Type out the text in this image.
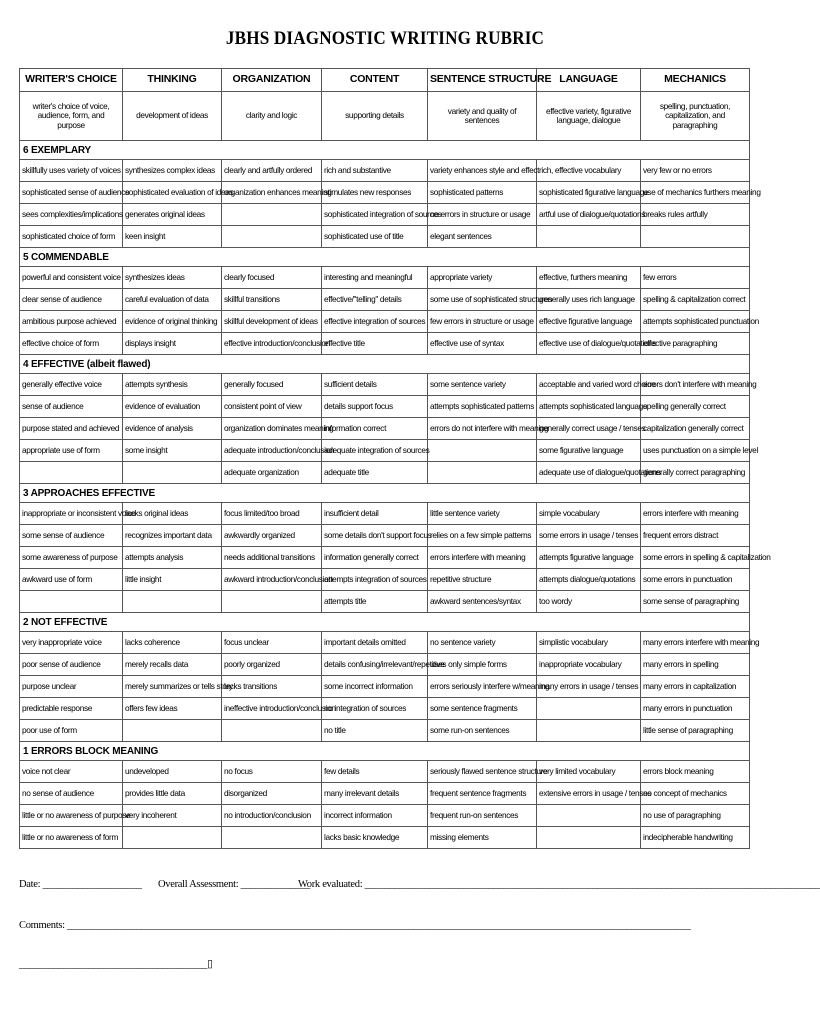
JBHS DIAGNOSTIC WRITING RUBRIC
WRITER'S CHOICE	THINKING	ORGANIZATION	CONTENT	SENTENCE STRUCTURE	LANGUAGE	MECHANICS
writer's choice of voice, audience, form, and purpose	development of ideas	clarity and logic	supporting details	variety and quality of sentences	effective variety, figurative language, dialogue	spelling, punctuation, capitalization, and paragraphing
6 EXEMPLARY						
skillfully uses variety of voices	synthesizes complex ideas	clearly and artfully ordered	rich and substantive	variety enhances style and effect	rich, effective vocabulary	very few or no errors
sophisticated sense of audience	sophisticated evaluation of ideas	organization enhances meaning	stimulates new responses	sophisticated patterns	sophisticated figurative language	use of mechanics furthers meaning
sees complexities/implications	generates original ideas		sophisticated integration of sources	no errors in structure or usage	artful use of dialogue/quotations	breaks rules artfully
sophisticated choice of form	keen insight		sophisticated use of title	elegant sentences		
5 COMMENDABLE						
powerful and consistent voice	synthesizes ideas	clearly focused	interesting and meaningful	appropriate variety	effective, furthers meaning	few errors
clear sense of audience	careful evaluation of data	skillful transitions	effective/"telling" details	some use of sophisticated structures	generally uses rich language	spelling & capitalization correct
ambitious purpose achieved	evidence of original thinking	skillful development of ideas	effective integration of sources	few errors in structure or usage	effective figurative language	attempts sophisticated punctuation
effective choice of form	displays insight	effective introduction/conclusion	effective title	effective use of syntax	effective use of dialogue/quotations	effective paragraphing
4 EFFECTIVE (albeit flawed)						
generally effective voice	attempts synthesis	generally focused	sufficient details	some sentence variety	acceptable and varied word choice	errors don't interfere with meaning
sense of audience	evidence of evaluation	consistent point of view	details support focus	attempts sophisticated patterns	attempts sophisticated language	spelling generally correct
purpose stated and achieved	evidence of analysis	organization dominates meaning	information correct	errors do not interfere with meaning	generally correct usage / tenses	capitalization generally correct
appropriate use of form	some insight	adequate introduction/conclusion	adequate integration of sources		some figurative language	uses punctuation on a simple level
		adequate organization	adequate title		adequate use of dialogue/quotations	generally correct paragraphing
3 APPROACHES EFFECTIVE						
inappropriate or inconsistent voice	lacks original ideas	focus limited/too broad	insufficient detail	little sentence variety	simple vocabulary	errors interfere with meaning
some sense of audience	recognizes important data	awkwardly organized	some details don't support focus	relies on a few simple patterns	some errors in usage / tenses	frequent errors distract
some awareness of purpose	attempts analysis	needs additional transitions	information generally correct	errors interfere with meaning	attempts figurative language	some errors in spelling & capitalization
awkward use of form	little insight	awkward introduction/conclusion	attempts integration of sources	repetitive structure	attempts dialogue/quotations	some errors in punctuation
			attempts title	awkward sentences/syntax	too wordy	some sense of paragraphing
2 NOT EFFECTIVE						
very inappropriate voice	lacks coherence	focus unclear	important details omitted	no sentence variety	simplistic vocabulary	many errors interfere with meaning
poor sense of audience	merely recalls data	poorly organized	details confusing/irrelevant/repetitive	uses only simple forms	inappropriate vocabulary	many errors in spelling
purpose unclear	merely summarizes or tells story	lacks transitions	some incorrect information	errors seriously interfere w/meaning	many errors in usage / tenses	many errors in capitalization
predictable response	offers few ideas	ineffective introduction/conclusion	no integration of sources	some sentence fragments		many errors in punctuation
poor use of form			no title	some run-on sentences		little sense of paragraphing
1 ERRORS BLOCK MEANING						
voice not clear	undeveloped	no focus	few details	seriously flawed sentence structure	very limited vocabulary	errors block meaning
no sense of audience	provides little data	disorganized	many irrelevant details	frequent sentence fragments	extensive errors in usage / tenses	no concept of mechanics
little or no awareness of purpose	very incoherent	no introduction/conclusion	incorrect information	frequent run-on sentences		no use of paragraphing
little or no awareness of form			lacks basic knowledge	missing elements		indecipherable handwriting
Date: ____________________ Overall Assessment: ______________
Work evaluated: ____________________________________________________________________________________________
Comments: ______________________________________________________________________________________________________________________________
______________________________________▯
